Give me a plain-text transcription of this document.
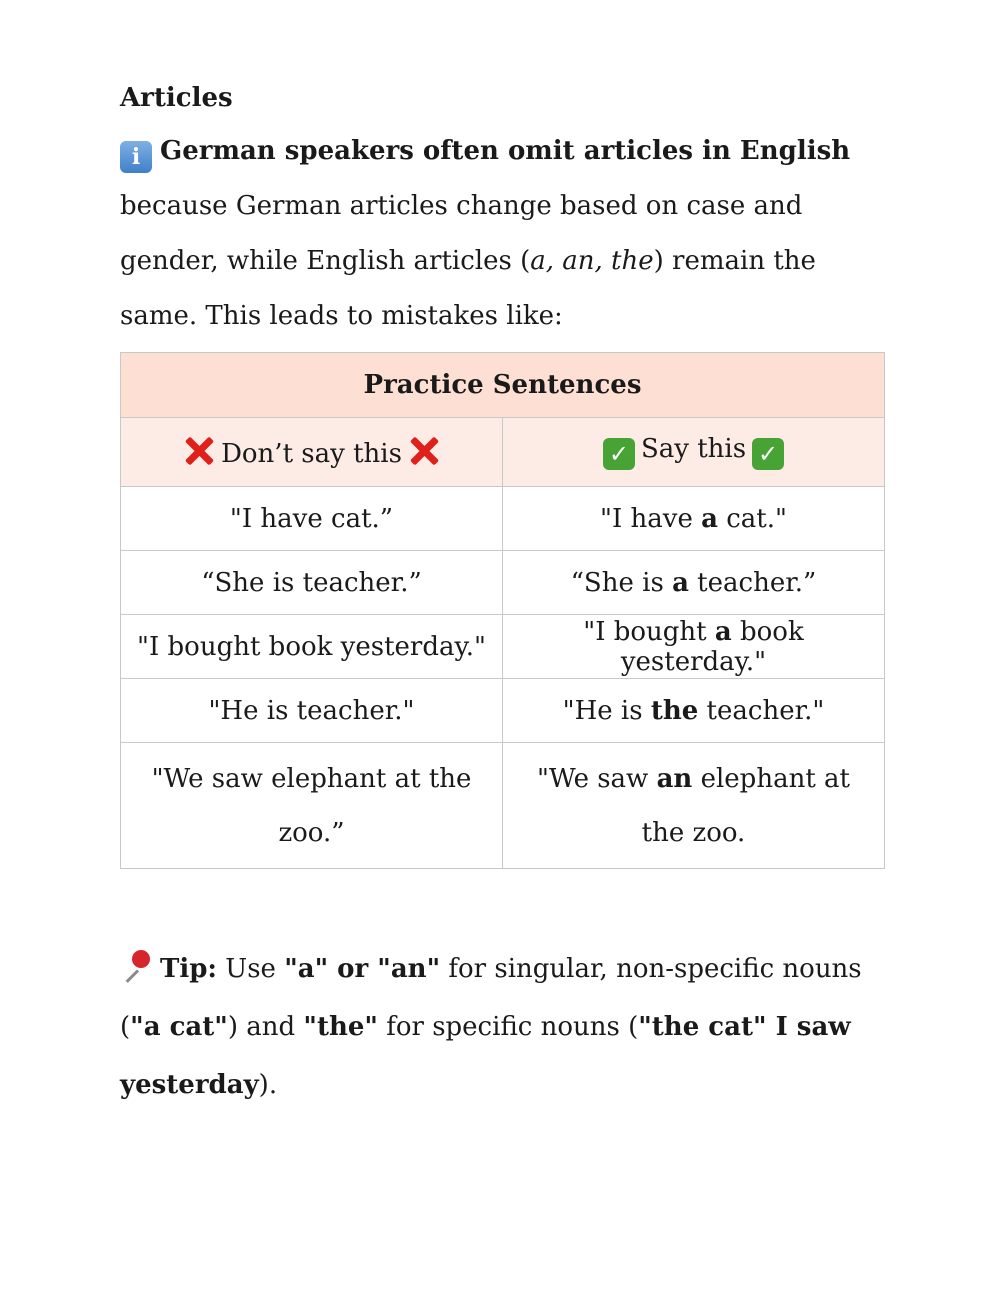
Articles

i German speakers often omit articles in English because German articles change based on case and gender, while English articles (a, an, the) remain the same. This leads to mistakes like:

Practice Sentences	
Don’t say this	✓ Say this ✓
"I have cat.”	"I have a cat."
“She is teacher.”	“She is a teacher.”
"I bought book yesterday."	"I bought a book yesterday."
"He is teacher."	"He is the teacher."
"We saw elephant at the zoo.”	"We saw an elephant at the zoo.

Tip: Use "a" or "an" for singular, non-specific nouns ("a cat") and "the" for specific nouns ("the cat" I saw yesterday).
